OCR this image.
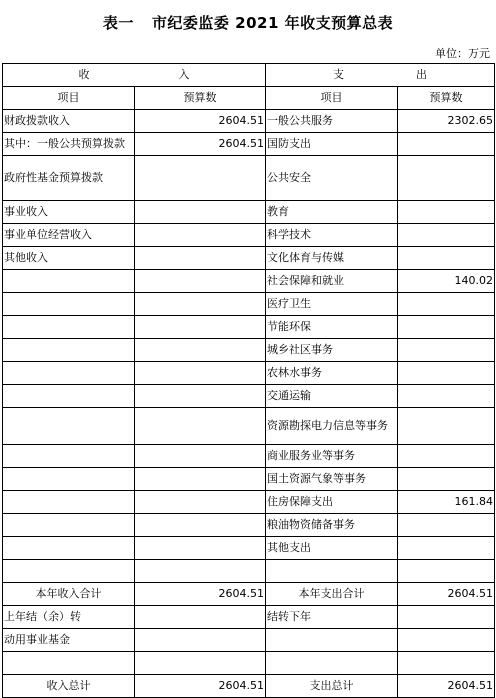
表一 市纪委监委 2021 年收支预算总表
单位：万元
收 入		支 出	

项目	预算数	项目	预算数
财政拨款收入	2604.51	一般公共服务	2302.65
其中：一般公共预算拨款	2604.51	国防支出	
政府性基金预算拨款		公共安全	
事业收入		教育	
事业单位经营收入		科学技术	
其他收入		文化体育与传媒	
		社会保障和就业	140.02
		医疗卫生	
		节能环保	
		城乡社区事务	
		农林水事务	
		交通运输	
		资源勘探电力信息等事务	
		商业服务业等事务	
		国土资源气象等事务	
		住房保障支出	161.84
		粮油物资储备事务	
		其他支出	

本年收入合计	2604.51	本年支出合计	2604.51
上年结（余）转		结转下年	
动用事业基金			

收入总计	2604.51	支出总计	2604.51
